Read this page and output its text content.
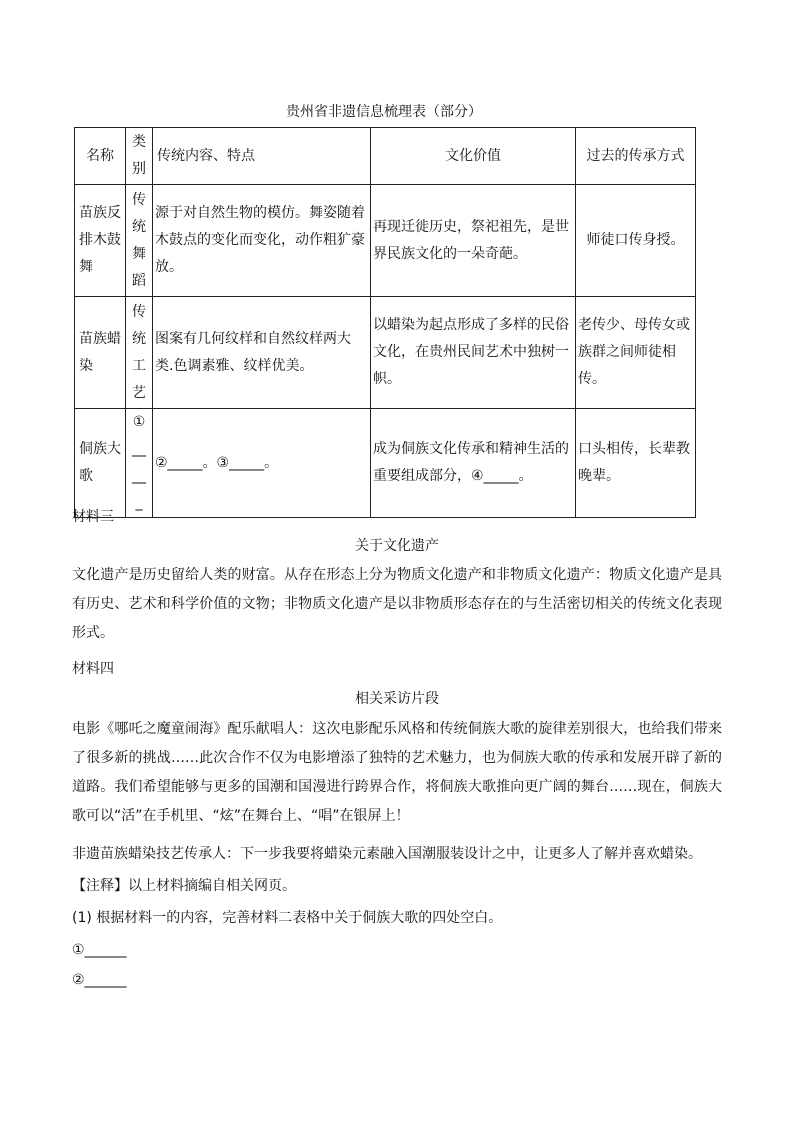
贵州省非遗信息梳理表（部分）
名称	类别	传统内容、特点	文化价值	过去的传承方式
苗族反排木鼓舞	传统舞蹈	源于对自然生物的模仿。舞姿随着木鼓点的变化而变化，动作粗犷豪放。	再现迁徙历史，祭祀祖先，是世界民族文化的一朵奇葩。	师徒口传身授。
苗族蜡染	传统工艺	图案有几何纹样和自然纹样两大类.色调素雅、纹样优美。	以蜡染为起点形成了多样的民俗文化，在贵州民间艺术中独树一帜。	老传少、母传女或族群之间师徒相传。
侗族大歌	①_____	②_____。③_____。	成为侗族文化传承和精神生活的重要组成部分，④_____。	口头相传，长辈教晚辈。
材料三
关于文化遗产
文化遗产是历史留给人类的财富。从存在形态上分为物质文化遗产和非物质文化遗产：物质文化遗产是具有历史、艺术和科学价值的文物；非物质文化遗产是以非物质形态存在的与生活密切相关的传统文化表现形式。
材料四
相关采访片段
电影《哪吒之魔童闹海》配乐献唱人：这次电影配乐风格和传统侗族大歌的旋律差别很大，也给我们带来了很多新的挑战……此次合作不仅为电影增添了独特的艺术魅力，也为侗族大歌的传承和发展开辟了新的道路。我们希望能够与更多的国潮和国漫进行跨界合作，将侗族大歌推向更广阔的舞台……现在，侗族大歌可以“活”在手机里、“炫”在舞台上、“唱”在银屏上！
非遗苗族蜡染技艺传承人：下一步我要将蜡染元素融入国潮服装设计之中，让更多人了解并喜欢蜡染。
【注释】以上材料摘编自相关网页。
(1) 根据材料一的内容，完善材料二表格中关于侗族大歌的四处空白。
①______
②______
